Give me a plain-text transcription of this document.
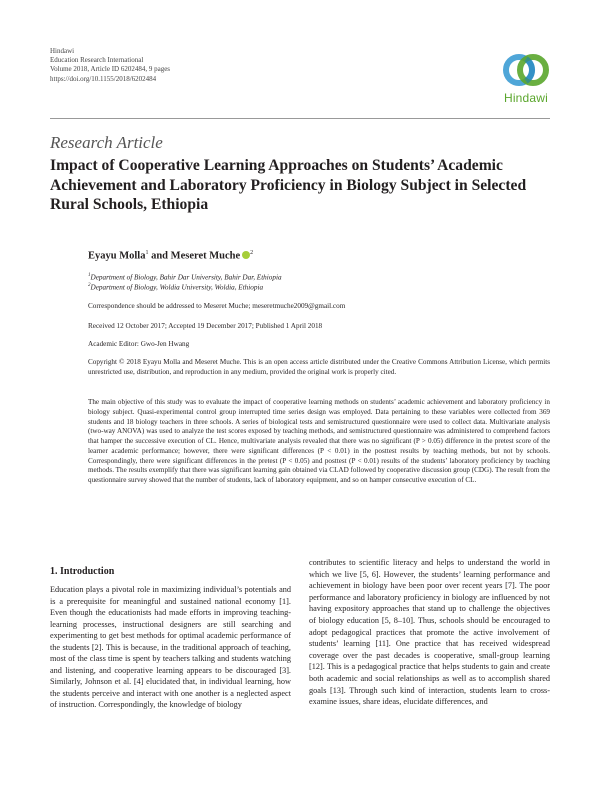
Hindawi
Education Research International
Volume 2018, Article ID 6202484, 9 pages
https://doi.org/10.1155/2018/6202484
Hindawi
Research Article
Impact of Cooperative Learning Approaches on Students’ Academic Achievement and Laboratory Proficiency in Biology Subject in Selected Rural Schools, Ethiopia
Eyayu Molla$^1$ and Meseret Muche $^2$
$^1$Department of Biology, Bahir Dar University, Bahir Dar, Ethiopia
$^2$Department of Biology, Woldia University, Woldia, Ethiopia
Correspondence should be addressed to Meseret Muche; meseretmuche2009@gmail.com
Received 12 October 2017; Accepted 19 December 2017; Published 1 April 2018
Academic Editor: Gwo-Jen Hwang

Copyright © 2018 Eyayu Molla and Meseret Muche. This is an open access article distributed under the Creative Commons Attribution License, which permits unrestricted use, distribution, and reproduction in any medium, provided the original work is properly cited.

The main objective of this study was to evaluate the impact of cooperative learning methods on students’ academic achievement and laboratory proficiency in biology subject. Quasi-experimental control group interrupted time series design was employed. Data pertaining to these variables were collected from 369 students and 18 biology teachers in three schools. A series of biological tests and semistructured questionnaire were used to collect data. Multivariate analysis (two-way ANOVA) was used to analyze the test scores exposed by teaching methods, and semistructured questionnaire was administered to comprehend factors that hamper the successive execution of CL. Hence, multivariate analysis revealed that there was no significant (P > 0.05) difference in the pretest score of the learner academic performance; however, there were significant differences (P < 0.01) in the posttest results by teaching methods, but not by schools. Correspondingly, there were significant differences in the pretest (P < 0.05) and posttest (P < 0.01) results of the students’ laboratory proficiency by teaching methods. The results exemplify that there was significant learning gain obtained via CLAD followed by cooperative discussion group (CDG). The result from the questionnaire survey showed that the number of students, lack of laboratory equipment, and so on hamper consecutive execution of CL.

1. Introduction

Education plays a pivotal role in maximizing individual’s potentials and is a prerequisite for meaningful and sustained national economy [1]. Even though the educationists had made efforts in improving teaching-learning processes, instructional designers are still searching and experimenting to get best methods for optimal academic performance of the students [2]. This is because, in the traditional approach of teaching, most of the class time is spent by teachers talking and students watching and listening, and cooperative learning appears to be discouraged [3]. Similarly, Johnson et al. [4] elucidated that, in individual learning, how the students perceive and interact with one another is a neglected aspect of instruction. Correspondingly, the knowledge of biology

contributes to scientific literacy and helps to understand the world in which we live [5, 6]. However, the students’ learning performance and achievement in biology have been poor over recent years [7]. The poor performance and laboratory proficiency in biology are influenced by not having expository approaches that stand up to challenge the objectives of biology education [5, 8–10]. Thus, schools should be encouraged to adopt pedagogical practices that promote the active involvement of students’ learning [11]. One practice that has received widespread coverage over the past decades is cooperative, small-group learning [12]. This is a pedagogical practice that helps students to gain and create both academic and social relationships as well as to accomplish shared goals [13]. Through such kind of interaction, students learn to cross-examine issues, share ideas, elucidate differences, and
